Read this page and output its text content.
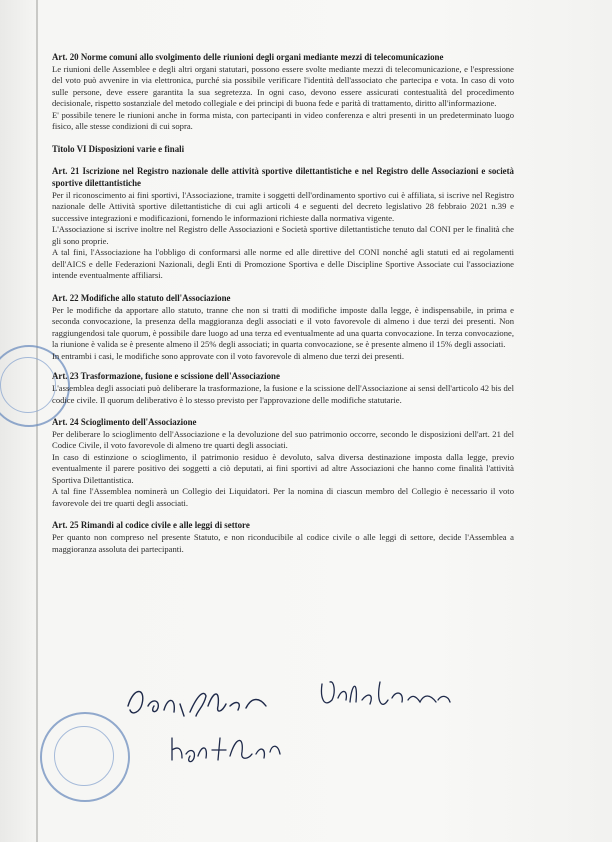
Art. 20 Norme comuni allo svolgimento delle riunioni degli organi mediante mezzi di telecomunicazione

Le riunioni delle Assemblee e degli altri organi statutari, possono essere svolte mediante mezzi di telecomunicazione, e l'espressione del voto può avvenire in via elettronica, purché sia possibile verificare l'identità dell'associato che partecipa e vota. In caso di voto sulle persone, deve essere garantita la sua segretezza. In ogni caso, devono essere assicurati contestualità del procedimento decisionale, rispetto sostanziale del metodo collegiale e dei principi di buona fede e parità di trattamento, diritto all'informazione.

E' possibile tenere le riunioni anche in forma mista, con partecipanti in video conferenza e altri presenti in un predeterminato luogo fisico, alle stesse condizioni di cui sopra.

Titolo VI Disposizioni varie e finali
Art. 21 Iscrizione nel Registro nazionale delle attività sportive dilettantistiche e nel Registro delle Associazioni e società sportive dilettantistiche

Per il riconoscimento ai fini sportivi, l'Associazione, tramite i soggetti dell'ordinamento sportivo cui è affiliata, si iscrive nel Registro nazionale delle Attività sportive dilettantistiche di cui agli articoli 4 e seguenti del decreto legislativo 28 febbraio 2021 n.39 e successive integrazioni e modificazioni, fornendo le informazioni richieste dalla normativa vigente.

L'Associazione si iscrive inoltre nel Registro delle Associazioni e Società sportive dilettantistiche tenuto dal CONI per le finalità che gli sono proprie.

A tal fini, l'Associazione ha l'obbligo di conformarsi alle norme ed alle direttive del CONI nonché agli statuti ed ai regolamenti dell'AICS e delle Federazioni Nazionali, degli Enti di Promozione Sportiva e delle Discipline Sportive Associate cui l'associazione intende eventualmente affiliarsi.

Art. 22 Modifiche allo statuto dell'Associazione

Per le modifiche da apportare allo statuto, tranne che non si tratti di modifiche imposte dalla legge, è indispensabile, in prima e seconda convocazione, la presenza della maggioranza degli associati e il voto favorevole di almeno i due terzi dei presenti. Non raggiungendosi tale quorum, è possibile dare luogo ad una terza ed eventualmente ad una quarta convocazione. In terza convocazione, la riunione è valida se è presente almeno il 25% degli associati; in quarta convocazione, se è presente almeno il 15% degli associati.

In entrambi i casi, le modifiche sono approvate con il voto favorevole di almeno due terzi dei presenti.

Art. 23 Trasformazione, fusione e scissione dell'Associazione

L'assemblea degli associati può deliberare la trasformazione, la fusione e la scissione dell'Associazione ai sensi dell'articolo 42 bis del codice civile. Il quorum deliberativo è lo stesso previsto per l'approvazione delle modifiche statutarie.

Art. 24 Scioglimento dell'Associazione

Per deliberare lo scioglimento dell'Associazione e la devoluzione del suo patrimonio occorre, secondo le disposizioni dell'art. 21 del Codice Civile, il voto favorevole di almeno tre quarti degli associati.

In caso di estinzione o scioglimento, il patrimonio residuo è devoluto, salva diversa destinazione imposta dalla legge, previo eventualmente il parere positivo dei soggetti a ciò deputati, ai fini sportivi ad altre Associazioni che hanno come finalità l'attività Sportiva Dilettantistica.

A tal fine l'Assemblea nominerà un Collegio dei Liquidatori. Per la nomina di ciascun membro del Collegio è necessario il voto favorevole dei tre quarti degli associati.

Art. 25 Rimandi al codice civile e alle leggi di settore

Per quanto non compreso nel presente Statuto, e non riconducibile al codice civile o alle leggi di settore, decide l'Assemblea a maggioranza assoluta dei partecipanti.
